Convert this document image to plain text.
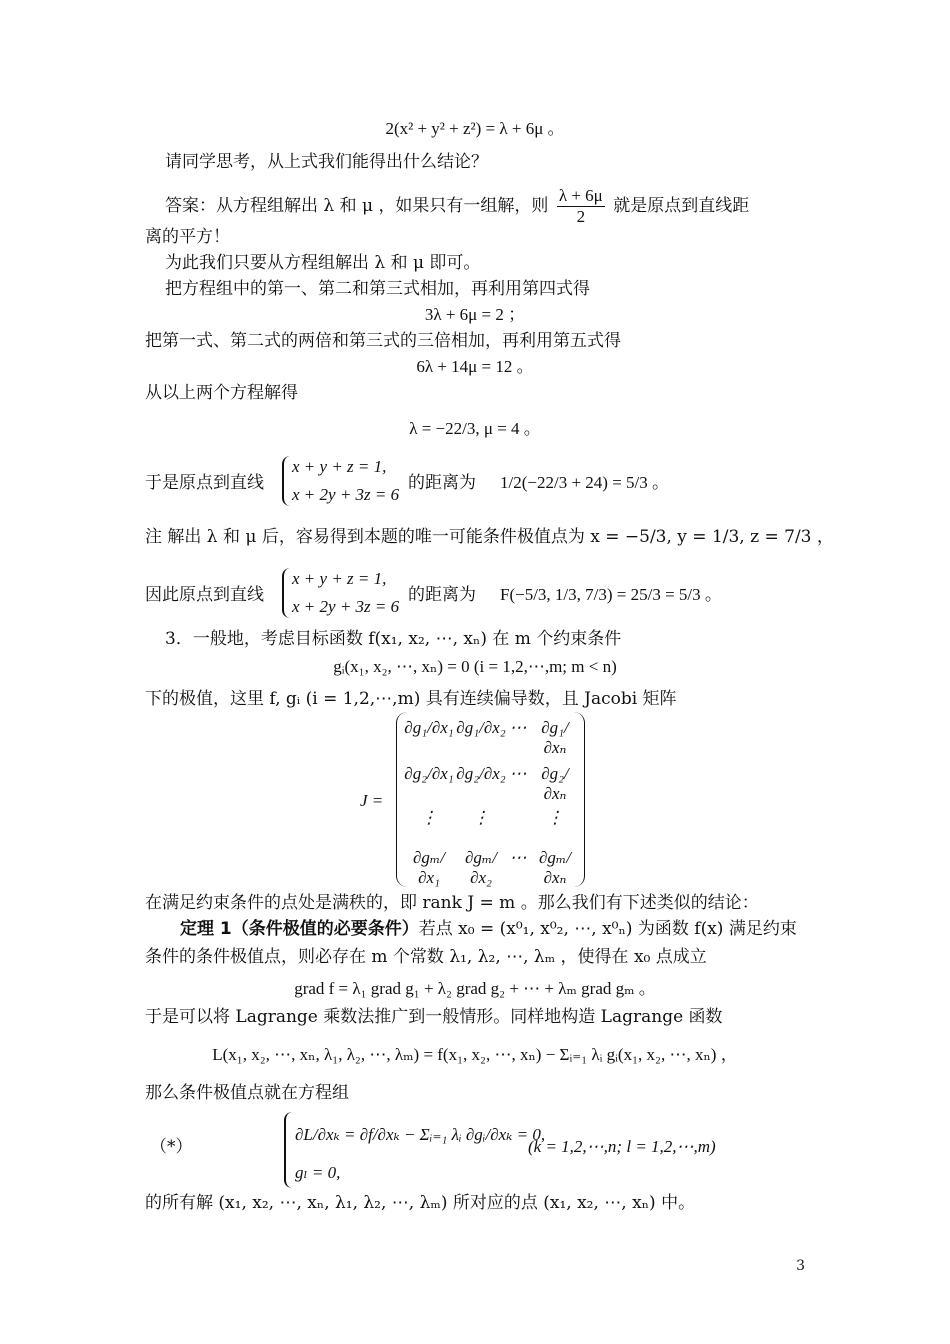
2(x² + y² + z²) = λ + 6μ 。
请同学思考，从上式我们能得出什么结论？
答案：从方程组解出 λ 和 μ ，如果只有一组解，则 $\frac{\lambda + 6\mu}{2}$ 就是原点到直线距
离的平方！
为此我们只要从方程组解出 λ 和 μ 即可。
把方程组中的第一、第二和第三式相加，再利用第四式得
3λ + 6μ = 2 ；
把第一式、第二式的两倍和第三式的三倍相加，再利用第五式得
6λ + 14μ = 12 。
从以上两个方程解得
λ = −22/3, μ = 4 。
于是原点到直线
x + y + z = 1,
x + 2y + 3z = 6
的距离为 1/2(−22/3 + 24) = 5/3 。
注 解出 λ 和 μ 后，容易得到本题的唯一可能条件极值点为 x = −5/3, y = 1/3, z = 7/3 ，
因此原点到直线
x + y + z = 1,
x + 2y + 3z = 6
的距离为 F(−5/3, 1/3, 7/3) = 25/3 = 5/3 。
3．一般地，考虑目标函数 f(x₁, x₂, ⋯, xₙ) 在 m 个约束条件
gᵢ(x₁, x₂, ⋯, xₙ) = 0 (i = 1,2,⋯,m; m < n)
下的极值，这里 f, gᵢ (i = 1,2,⋯,m) 具有连续偏导数，且 Jacobi 矩阵
J =
∂g₁/∂x₁ ∂g₁/∂x₂ ⋯ ∂g₁/∂xₙ
∂g₂/∂x₁ ∂g₂/∂x₂ ⋯ ∂g₂/∂xₙ
⋮	⋮	⋮
∂gₘ/∂x₁
∂gₘ/∂x₂
⋯ ∂gₘ/∂xₙ
在满足约束条件的点处是满秩的，即 rank J = m 。那么我们有下述类似的结论：
定理 1（条件极值的必要条件）若点 x₀ = (x⁰₁, x⁰₂, ⋯, x⁰ₙ) 为函数 f(x) 满足约束
条件的条件极值点，则必存在 m 个常数 λ₁, λ₂, ⋯, λₘ ，使得在 x₀ 点成立
grad f = λ₁ grad g₁ + λ₂ grad g₂ + ⋯ + λₘ grad gₘ 。
于是可以将 Lagrange 乘数法推广到一般情形。同样地构造 Lagrange 函数
L(x₁, x₂, ⋯, xₙ, λ₁, λ₂, ⋯, λₘ) = f(x₁, x₂, ⋯, xₙ) − Σᵢ₌₁ λᵢ gᵢ(x₁, x₂, ⋯, xₙ) ，
那么条件极值点就在方程组
（*）
∂L/∂xₖ = ∂f/∂xₖ − Σᵢ₌₁ λᵢ ∂gᵢ/∂xₖ = 0,
gₗ = 0,
(k = 1,2,⋯,n; l = 1,2,⋯,m)
的所有解 (x₁, x₂, ⋯, xₙ, λ₁, λ₂, ⋯, λₘ) 所对应的点 (x₁, x₂, ⋯, xₙ) 中。
3
